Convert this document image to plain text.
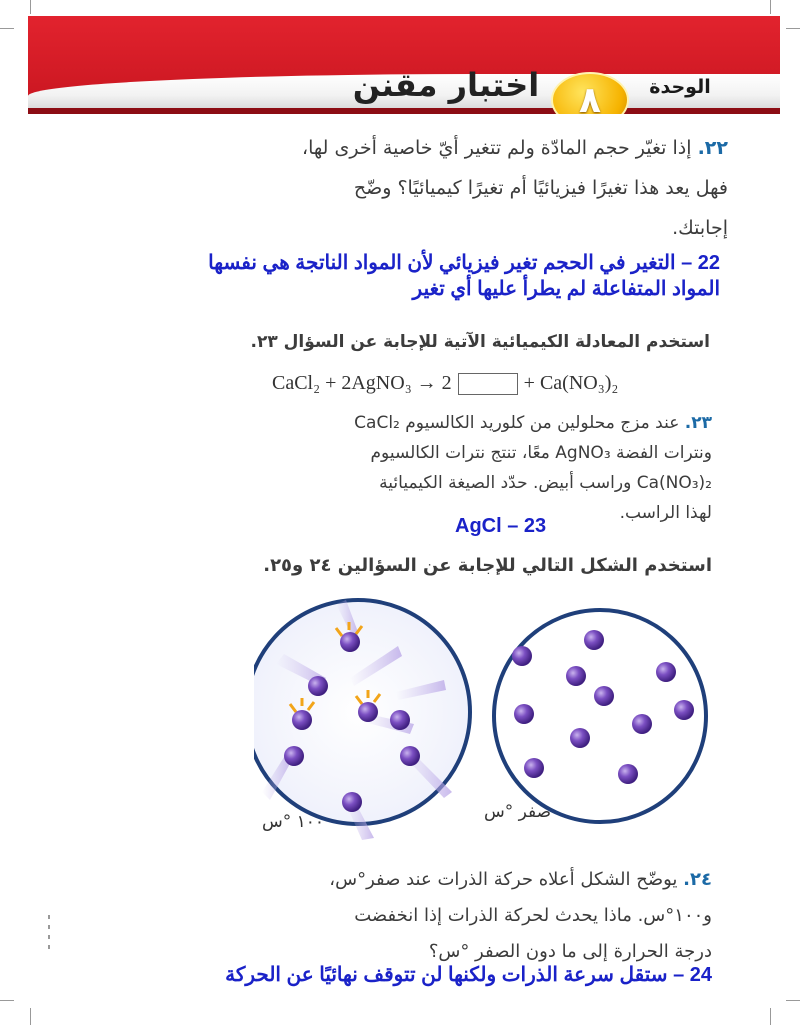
الوحدة
٨
اختبار مقنن
٢٢. إذا تغيّر حجم المادّة ولم تتغير أيّ خاصية أخرى لها،
فهل يعد هذا تغيرًا فيزيائيًا أم تغيرًا كيميائيًا؟ وضّح
إجابتك.
22 – التغير في الحجم تغير فيزيائي لأن المواد الناتجة هي نفسها
المواد المتفاعلة لم يطرأ عليها أي تغير
استخدم المعادلة الكيميائية الآتية للإجابة عن السؤال ٢٣.
CaCl₂ + 2AgNO₃ → 2	+ Ca(NO₃)₂
٢٣. عند مزج محلولين من كلوريد الكالسيوم CaCl₂
ونترات الفضة AgNO₃ معًا، تنتج نترات الكالسيوم
Ca(NO₃)₂ وراسب أبيض. حدّد الصيغة الكيميائية
لهذا الراسب.
AgCl – 23
استخدم الشكل التالي للإجابة عن السؤالين ٢٤ و٢٥.
١٠٠ °س	صفر °س
٢٤. يوضّح الشكل أعلاه حركة الذرات عند صفر°س،
و١٠٠°س. ماذا يحدث لحركة الذرات إذا انخفضت
درجة الحرارة إلى ما دون الصفر °س؟
24 – ستقل سرعة الذرات ولكنها لن تتوقف نهائيًا عن الحركة
